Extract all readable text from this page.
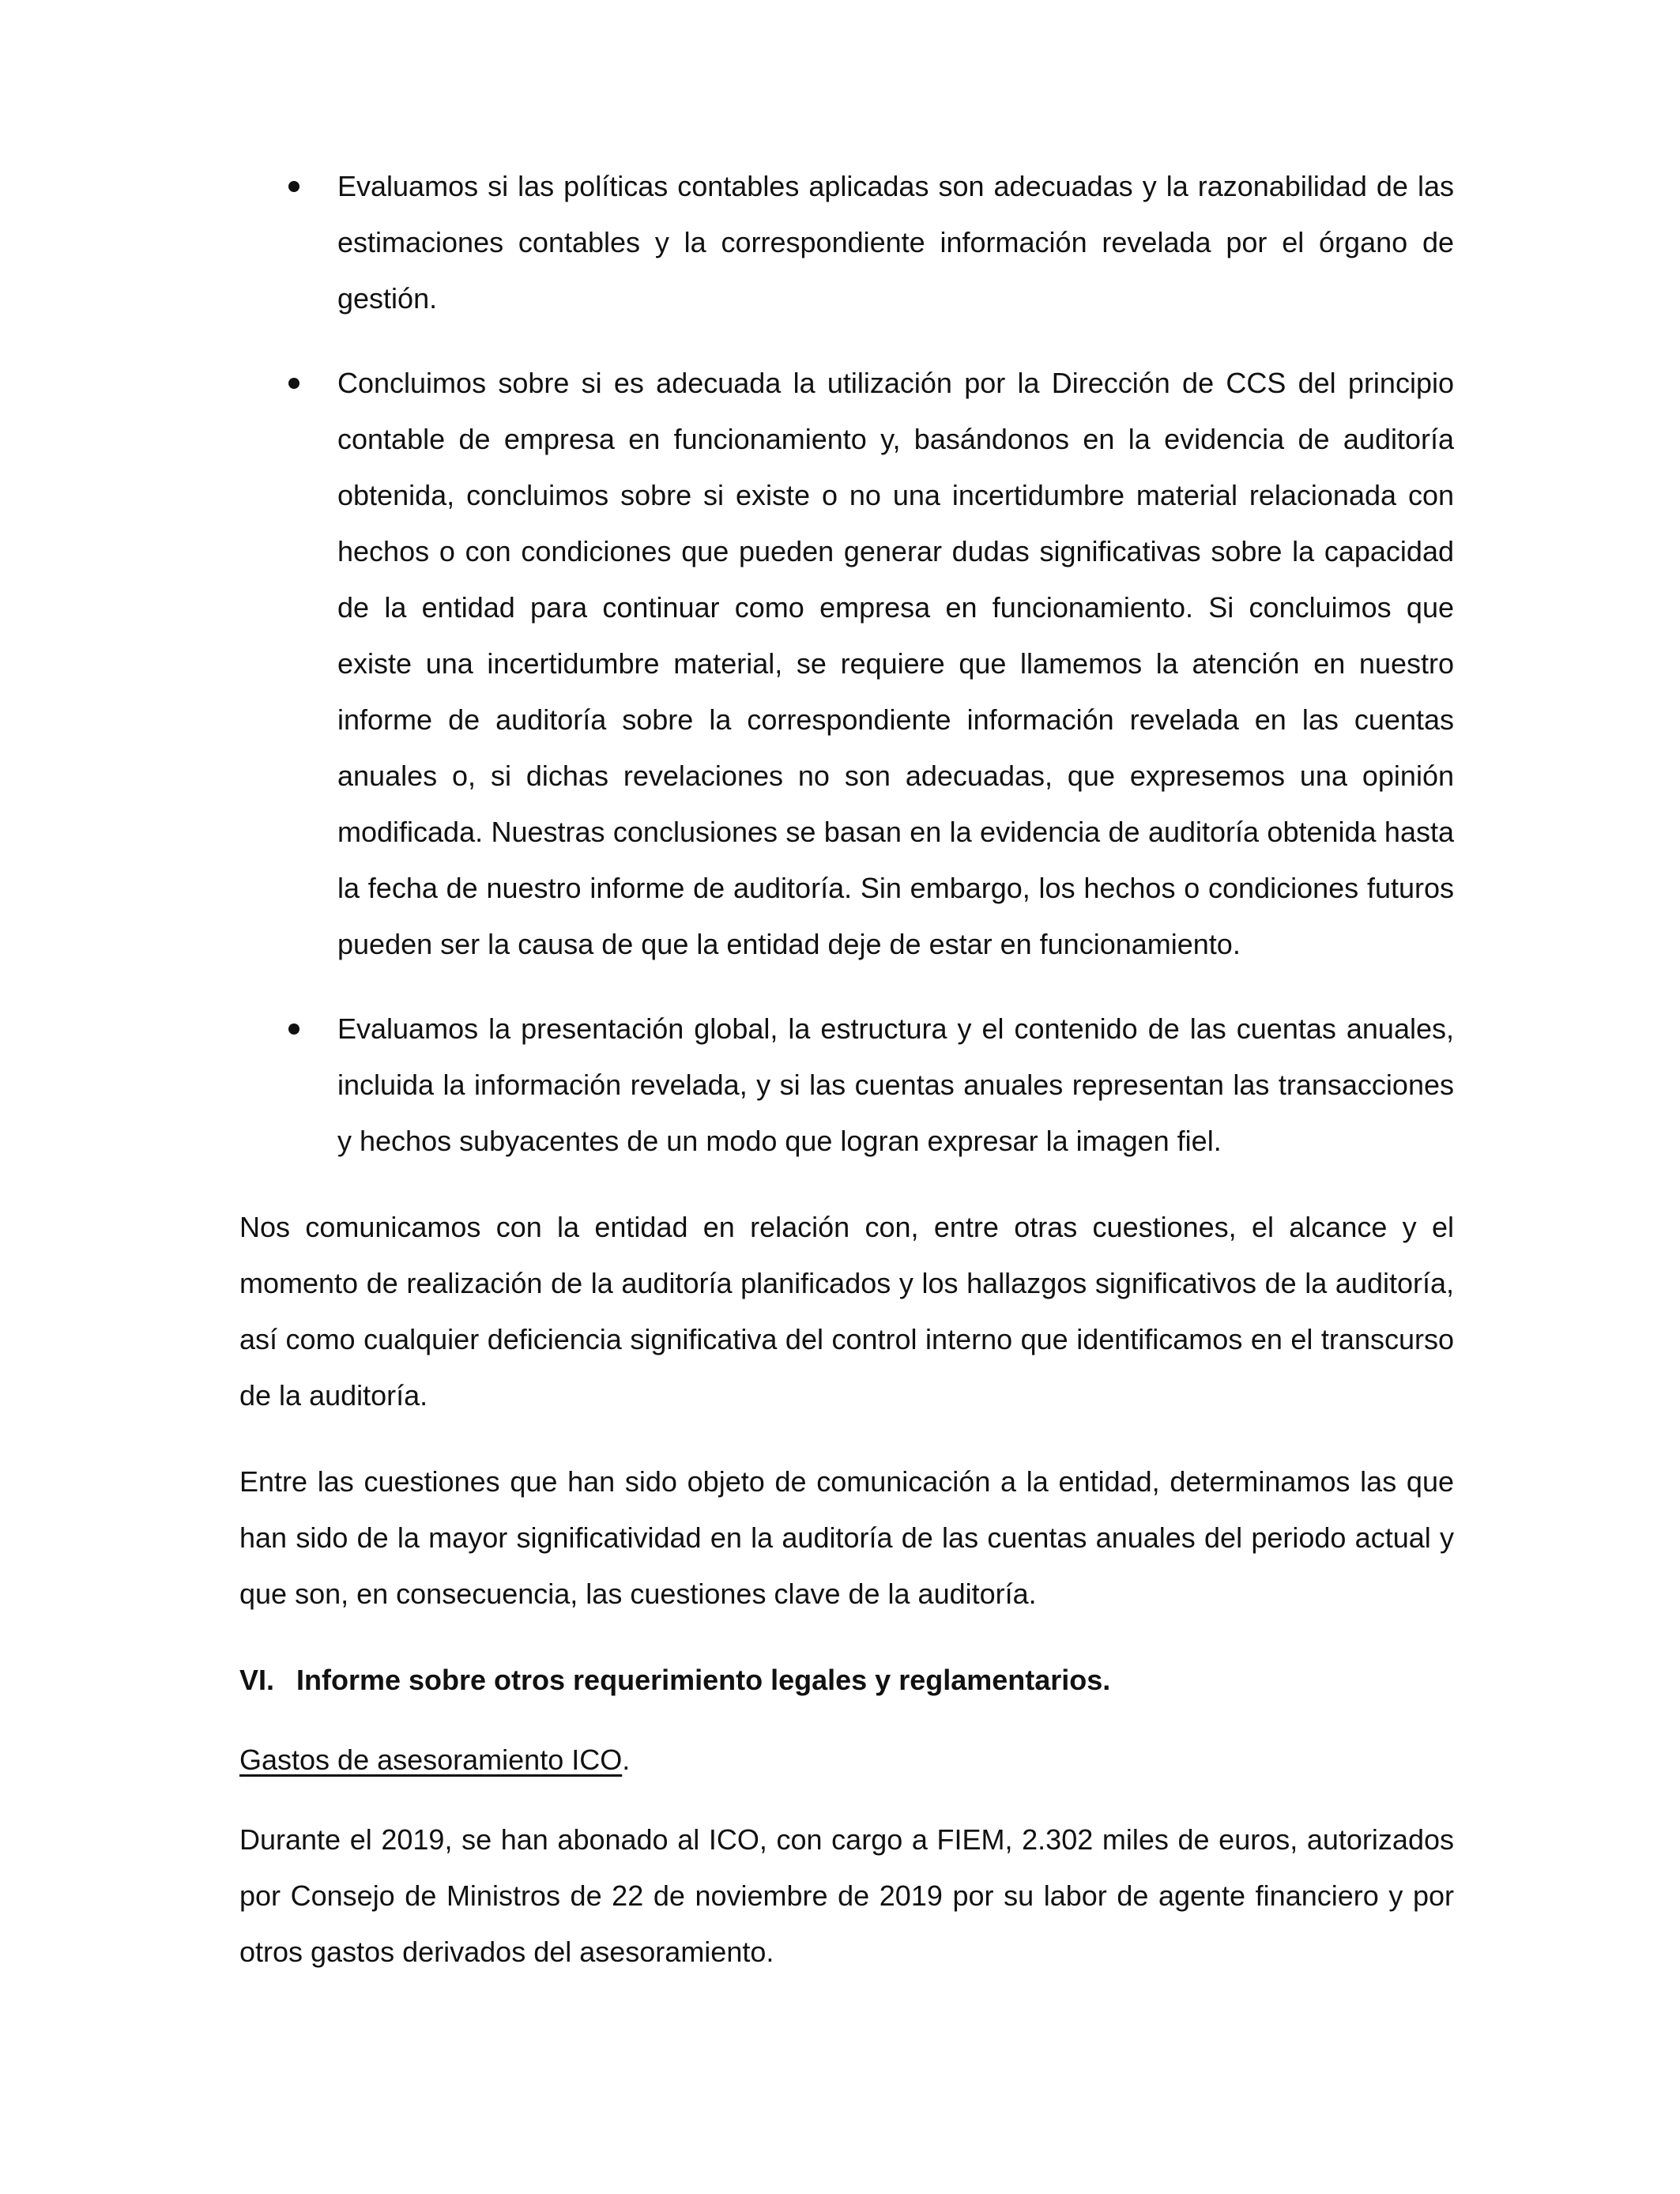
Evaluamos si las políticas contables aplicadas son adecuadas y la razonabilidad de las estimaciones contables y la correspondiente información revelada por el órgano de gestión.

Concluimos sobre si es adecuada la utilización por la Dirección de CCS del principio contable de empresa en funcionamiento y, basándonos en la evidencia de auditoría obtenida, concluimos sobre si existe o no una incertidumbre material relacionada con hechos o con condiciones que pueden generar dudas significativas sobre la capacidad de la entidad para continuar como empresa en funcionamiento. Si concluimos que existe una incertidumbre material, se requiere que llamemos la atención en nuestro informe de auditoría sobre la correspondiente información revelada en las cuentas anuales o, si dichas revelaciones no son adecuadas, que expresemos una opinión modificada. Nuestras conclusiones se basan en la evidencia de auditoría obtenida hasta la fecha de nuestro informe de auditoría. Sin embargo, los hechos o condiciones futuros pueden ser la causa de que la entidad deje de estar en funcionamiento.

Evaluamos la presentación global, la estructura y el contenido de las cuentas anuales, incluida la información revelada, y si las cuentas anuales representan las transacciones y hechos subyacentes de un modo que logran expresar la imagen fiel.

Nos comunicamos con la entidad en relación con, entre otras cuestiones, el alcance y el momento de realización de la auditoría planificados y los hallazgos significativos de la auditoría, así como cualquier deficiencia significativa del control interno que identificamos en el transcurso de la auditoría.

Entre las cuestiones que han sido objeto de comunicación a la entidad, determinamos las que han sido de la mayor significatividad en la auditoría de las cuentas anuales del periodo actual y que son, en consecuencia, las cuestiones clave de la auditoría.

VI. Informe sobre otros requerimiento legales y reglamentarios.

Gastos de asesoramiento ICO.

Durante el 2019, se han abonado al ICO, con cargo a FIEM, 2.302 miles de euros, autorizados por Consejo de Ministros de 22 de noviembre de 2019 por su labor de agente financiero y por otros gastos derivados del asesoramiento.
